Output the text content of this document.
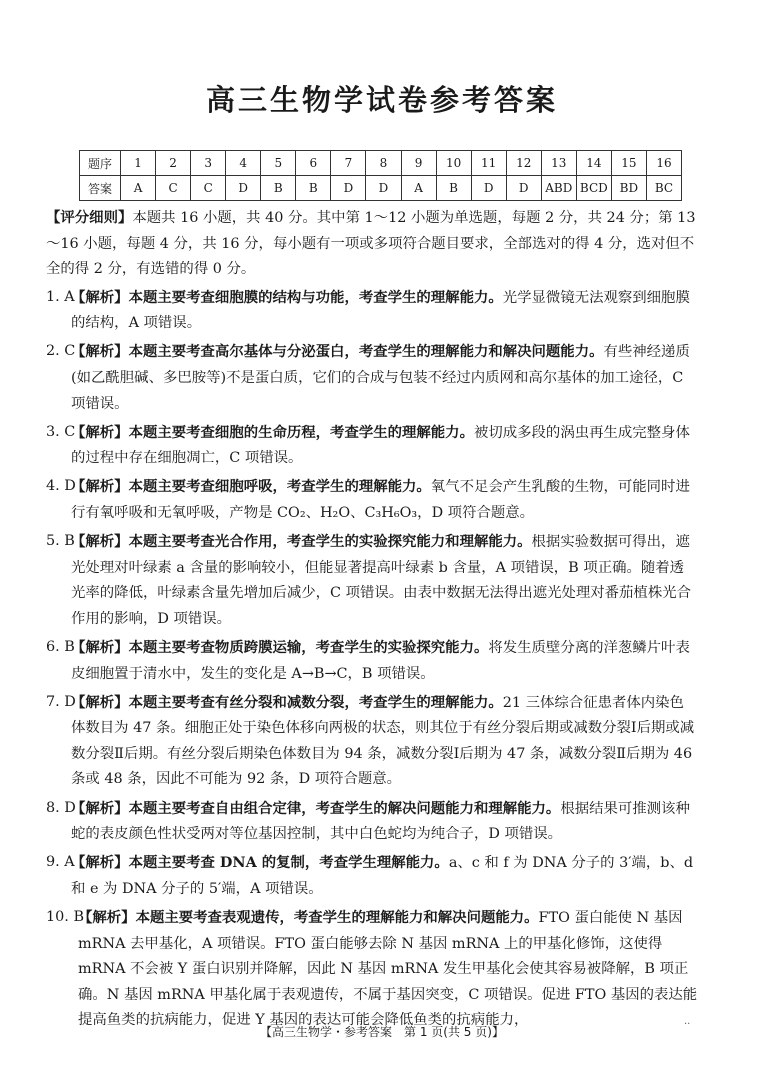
高三生物学试卷参考答案
题序	1	2	3	4	5	6	7	8	9	10	11	12	13	14	15	16
答案	A	C	C	D	B	B	D	D	A	B	D	D	ABD	BCD	BD	BC

【评分细则】本题共 16 小题，共 40 分。其中第 1～12 小题为单选题，每题 2 分，共 24 分；第 13～16 小题，每题 4 分，共 16 分，每小题有一项或多项符合题目要求，全部选对的得 4 分，选对但不全的得 2 分，有选错的得 0 分。

1. A
【解析】本题主要考查细胞膜的结构与功能，考查学生的理解能力。光学显微镜无法观察到细胞膜的结构，A 项错误。

2. C
【解析】本题主要考查高尔基体与分泌蛋白，考查学生的理解能力和解决问题能力。有些神经递质(如乙酰胆碱、多巴胺等)不是蛋白质，它们的合成与包装不经过内质网和高尔基体的加工途径，C 项错误。

3. C
【解析】本题主要考查细胞的生命历程，考查学生的理解能力。被切成多段的涡虫再生成完整身体的过程中存在细胞凋亡，C 项错误。

4. D
【解析】本题主要考查细胞呼吸，考查学生的理解能力。氧气不足会产生乳酸的生物，可能同时进行有氧呼吸和无氧呼吸，产物是 CO₂、H₂O、C₃H₆O₃，D 项符合题意。

5. B
【解析】本题主要考查光合作用，考查学生的实验探究能力和理解能力。根据实验数据可得出，遮光处理对叶绿素 a 含量的影响较小，但能显著提高叶绿素 b 含量，A 项错误，B 项正确。随着透光率的降低，叶绿素含量先增加后减少，C 项错误。由表中数据无法得出遮光处理对番茄植株光合作用的影响，D 项错误。

6. B
【解析】本题主要考查物质跨膜运输，考查学生的实验探究能力。将发生质壁分离的洋葱鳞片叶表皮细胞置于清水中，发生的变化是 A→B→C，B 项错误。

7. D
【解析】本题主要考查有丝分裂和减数分裂，考查学生的理解能力。21 三体综合征患者体内染色体数目为 47 条。细胞正处于染色体移向两极的状态，则其位于有丝分裂后期或减数分裂Ⅰ后期或减数分裂Ⅱ后期。有丝分裂后期染色体数目为 94 条，减数分裂Ⅰ后期为 47 条，减数分裂Ⅱ后期为 46 条或 48 条，因此不可能为 92 条，D 项符合题意。

8. D
【解析】本题主要考查自由组合定律，考查学生的解决问题能力和理解能力。根据结果可推测该种蛇的表皮颜色性状受两对等位基因控制，其中白色蛇均为纯合子，D 项错误。

9. A
【解析】本题主要考查 DNA 的复制，考查学生理解能力。a、c 和 f 为 DNA 分子的 3′端，b、d 和 e 为 DNA 分子的 5′端，A 项错误。

10. B
【解析】本题主要考查表观遗传，考查学生的理解能力和解决问题能力。FTO 蛋白能使 N 基因 mRNA 去甲基化，A 项错误。FTO 蛋白能够去除 N 基因 mRNA 上的甲基化修饰，这使得 mRNA 不会被 Y 蛋白识别并降解，因此 N 基因 mRNA 发生甲基化会使其容易被降解，B 项正确。N 基因 mRNA 甲基化属于表观遗传，不属于基因突变，C 项错误。促进 FTO 基因的表达能提高鱼类的抗病能力，促进 Y 基因的表达可能会降低鱼类的抗病能力，

【高三生物学・参考答案　第 1 页(共 5 页)】
..
